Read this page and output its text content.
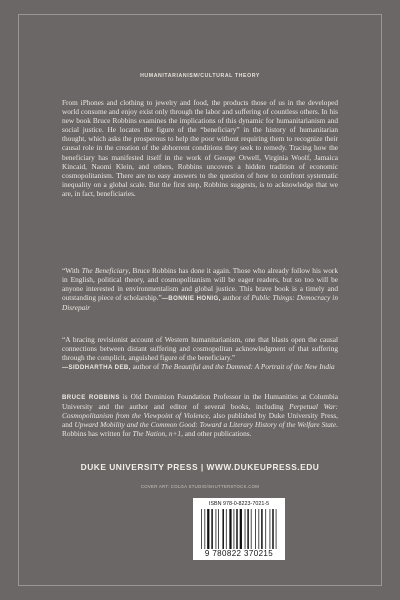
HUMANITARIANISM/CULTURAL THEORY

From iPhones and clothing to jewelry and food, the products those of us in the developed world consume and enjoy exist only through the labor and suffering of countless others. In his new book Bruce Robbins examines the implications of this dynamic for humanitarianism and social justice. He locates the figure of the “beneficiary” in the history of humanitarian thought, which asks the prosperous to help the poor without requiring them to recognize their causal role in the creation of the abhorrent conditions they seek to remedy. Tracing how the beneficiary has manifested itself in the work of George Orwell, Virginia Woolf, Jamaica Kincaid, Naomi Klein, and others, Robbins uncovers a hidden tradition of economic cosmopolitanism. There are no easy answers to the question of how to confront systematic inequality on a global scale. But the first step, Robbins suggests, is to acknowledge that we are, in fact, beneficiaries.

“With The Beneficiary, Bruce Robbins has done it again. Those who already follow his work in English, political theory, and cosmopolitanism will be eager readers, but so too will be anyone interested in environmentalism and global justice. This brave book is a timely and outstanding piece of scholarship.”—BONNIE HONIG, author of Public Things: Democracy in Disrepair

“A bracing revisionist account of Western humanitarianism, one that blasts open the causal connections between distant suffering and cosmopolitan acknowledgment of that suffering through the complicit, anguished figure of the beneficiary.”
—SIDDHARTHA DEB, author of The Beautiful and the Damned: A Portrait of the New India

BRUCE ROBBINS is Old Dominion Foundation Professor in the Humanities at Columbia University and the author and editor of several books, including Perpetual War: Cosmopolitanism from the Viewpoint of Violence, also published by Duke University Press, and Upward Mobility and the Common Good: Toward a Literary History of the Welfare State. Robbins has written for The Nation, n+1, and other publications.

DUKE UNIVERSITY PRESS | WWW.DUKEUPRESS.EDU
COVER ART: COLGA STUDIO/SHUTTERSTOCK.COM
ISBN 978-0-8223-7021-5
9 780822 370215
